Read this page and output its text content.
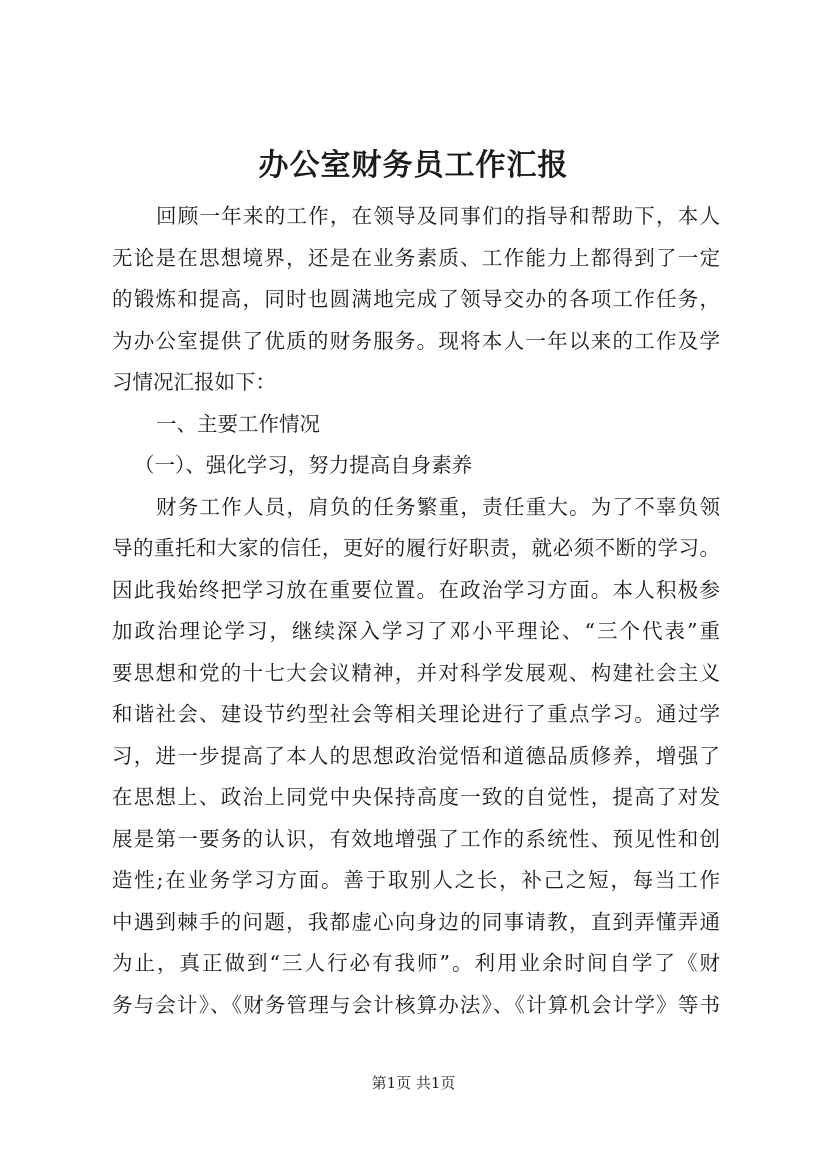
办公室财务员工作汇报
回顾一年来的工作，在领导及同事们的指导和帮助下，本人
无论是在思想境界，还是在业务素质、工作能力上都得到了一定
的锻炼和提高，同时也圆满地完成了领导交办的各项工作任务，
为办公室提供了优质的财务服务。现将本人一年以来的工作及学
习情况汇报如下：
一、主要工作情况
（一）、强化学习，努力提高自身素养
财务工作人员，肩负的任务繁重，责任重大。为了不辜负领
导的重托和大家的信任，更好的履行好职责，就必须不断的学习。
因此我始终把学习放在重要位置。在政治学习方面。本人积极参
加政治理论学习，继续深入学习了邓小平理论、“三个代表”重
要思想和党的十七大会议精神，并对科学发展观、构建社会主义
和谐社会、建设节约型社会等相关理论进行了重点学习。通过学
习，进一步提高了本人的思想政治觉悟和道德品质修养，增强了
在思想上、政治上同党中央保持高度一致的自觉性，提高了对发
展是第一要务的认识，有效地增强了工作的系统性、预见性和创
造性;在业务学习方面。善于取别人之长，补己之短，每当工作
中遇到棘手的问题，我都虚心向身边的同事请教，直到弄懂弄通
为止，真正做到“三人行必有我师”。利用业余时间自学了《财
务与会计》、《财务管理与会计核算办法》、《计算机会计学》等书
第1页 共1页
